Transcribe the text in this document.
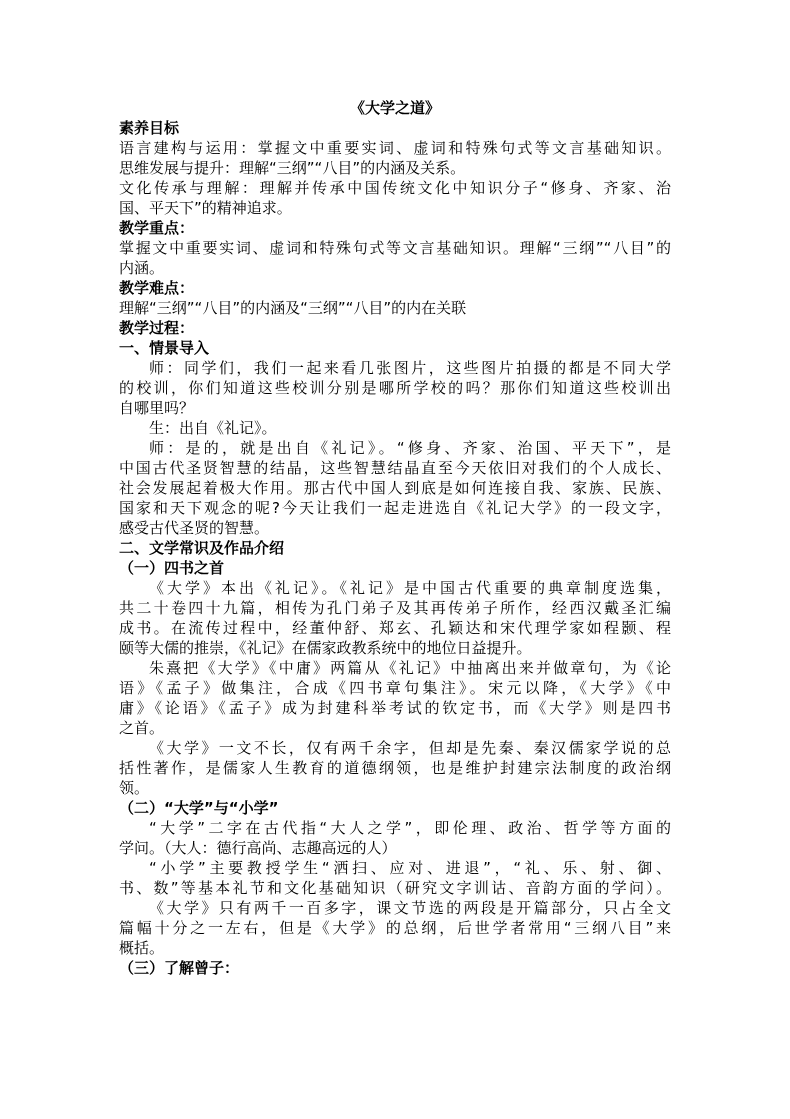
《大学之道》
素养目标
语言建构与运用：掌握文中重要实词、虚词和特殊句式等文言基础知识。
思维发展与提升：理解“三纲”“八目”的内涵及关系。
文化传承与理解：理解并传承中国传统文化中知识分子“修身、齐家、治
国、平天下”的精神追求。
教学重点：
掌握文中重要实词、虚词和特殊句式等文言基础知识。理解“三纲”“八目”的
内涵。
教学难点：
理解“三纲”“八目”的内涵及“三纲”“八目”的内在关联
教学过程：
一、情景导入
师：同学们，我们一起来看几张图片，这些图片拍摄的都是不同大学
的校训，你们知道这些校训分别是哪所学校的吗？那你们知道这些校训出
自哪里吗？
生：出自《礼记》。
师：是的，就是出自《礼记》。“修身、齐家、治国、平天下”，是
中国古代圣贤智慧的结晶，这些智慧结晶直至今天依旧对我们的个人成长、
社会发展起着极大作用。那古代中国人到底是如何连接自我、家族、民族、
国家和天下观念的呢?今天让我们一起走进选自《礼记大学》的一段文字，
感受古代圣贤的智慧。
二、文学常识及作品介绍
（一）四书之首
《大学》本出《礼记》。《礼记》是中国古代重要的典章制度选集，
共二十卷四十九篇，相传为孔门弟子及其再传弟子所作，经西汉戴圣汇编
成书。在流传过程中，经董仲舒、郑玄、孔颖达和宋代理学家如程颢、程
颐等大儒的推崇，《礼记》在儒家政教系统中的地位日益提升。
朱熹把《大学》《中庸》两篇从《礼记》中抽离出来并做章句，为《论
语》《孟子》做集注，合成《四书章句集注》。宋元以降，《大学》《中
庸》《论语》《孟子》成为封建科举考试的钦定书，而《大学》则是四书
之首。
《大学》一文不长，仅有两千余字，但却是先秦、秦汉儒家学说的总
括性著作，是儒家人生教育的道德纲领，也是维护封建宗法制度的政治纲
领。
（二）“大学”与“小学”
“大学”二字在古代指“大人之学”，即伦理、政治、哲学等方面的
学问。（大人：德行高尚、志趣高远的人）
“小学”主要教授学生“洒扫、应对、进退”，“礼、乐、射、御、
书、数”等基本礼节和文化基础知识（研究文字训诂、音韵方面的学问）。
《大学》只有两千一百多字，课文节选的两段是开篇部分，只占全文
篇幅十分之一左右，但是《大学》的总纲，后世学者常用“三纲八目”来
概括。
（三）了解曾子：
